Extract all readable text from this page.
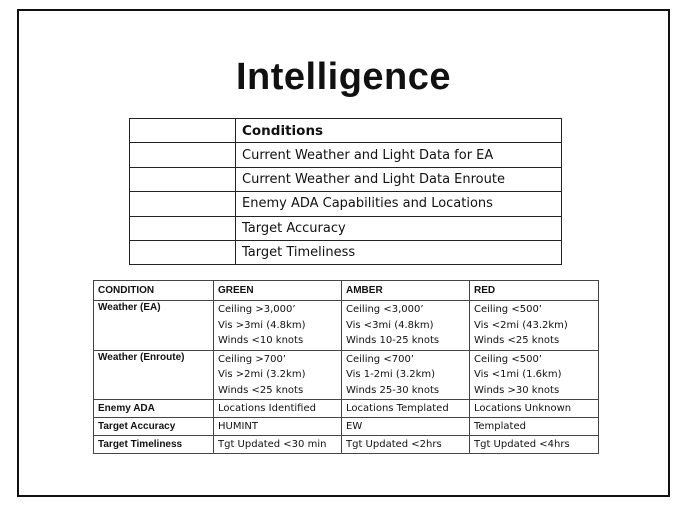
Intelligence
	Conditions
	Current Weather and Light Data for EA
	Current Weather and Light Data Enroute
	Enemy ADA Capabilities and Locations
	Target Accuracy
	Target Timeliness
CONDITION	GREEN	AMBER	RED
Weather (EA)	Ceiling >3,000’
Vis >3mi (4.8km)
Winds <10 knots	Ceiling <3,000’
Vis <3mi (4.8km)
Winds 10-25 knots	Ceiling <500’
Vis <2mi (43.2km)
Winds <25 knots

Weather (Enroute)	Ceiling >700’
Vis >2mi (3.2km)
Winds <25 knots	Ceiling <700’
Vis 1-2mi (3.2km)
Winds 25-30 knots	Ceiling <500’
Vis <1mi (1.6km)
Winds >30 knots

Enemy ADA	Locations Identified	Locations Templated	Locations Unknown
Target Accuracy	HUMINT	EW	Templated
Target Timeliness	Tgt Updated <30 min	Tgt Updated <2hrs	Tgt Updated <4hrs
